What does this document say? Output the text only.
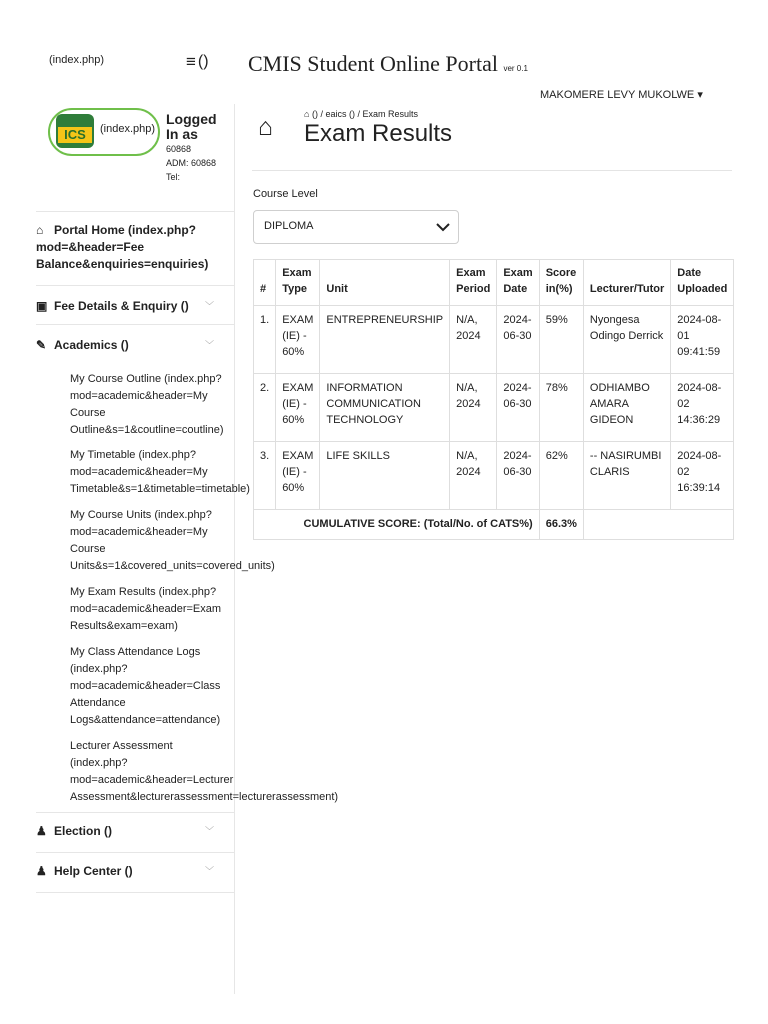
(index.php)	≡ () CMIS Student Online Portal ver 0.1
MAKOMERE LEVY MUKOLWE ▾
ICS	(index.php)
Logged In as
60868
ADM: 60868
Tel:
⌂ Portal Home (index.php?mod=&header=Fee Balance&enquiries=enquiries)
▣ Fee Details & Enquiry () ﹀
✎ Academics ()	﹀
My Course Outline (index.php?
mod=academic&header=My
Course
Outline&s=1&coutline=coutline)
My Timetable (index.php?
mod=academic&header=My
Timetable&s=1&timetable=timetable)
My Course Units (index.php?
mod=academic&header=My
Course
Units&s=1&covered_units=covered_units)
My Exam Results (index.php?
mod=academic&header=Exam
Results&exam=exam)
My Class Attendance Logs
(index.php?
mod=academic&header=Class
Attendance
Logs&attendance=attendance)
Lecturer Assessment
(index.php?
mod=academic&header=Lecturer
Assessment&lecturerassessment=lecturerassessment)
♟ Election ()	﹀
♟ Help Center ()	﹀
⌂	⌂ () / eaics () / Exam Results
Exam Results
Course Level
DIPLOMA
#	Exam Type	Unit	Exam Period	Exam Date	Score in(%)	Lecturer/Tutor	Date Uploaded
1.	EXAM (IE) - 60%	ENTREPRENEURSHIP	N/A, 2024	2024-06-30	59%	Nyongesa Odingo Derrick	2024-08-01 09:41:59
2.	EXAM (IE) - 60%	INFORMATION COMMUNICATION TECHNOLOGY	N/A, 2024	2024-06-30	78%	ODHIAMBO AMARA GIDEON	2024-08-02 14:36:29
3.	EXAM (IE) - 60%	LIFE SKILLS	N/A, 2024	2024-06-30	62%	-- NASIRUMBI CLARIS	2024-08-02 16:39:14
CUMULATIVE SCORE: (Total/No. of CATS%)					66.3%		
